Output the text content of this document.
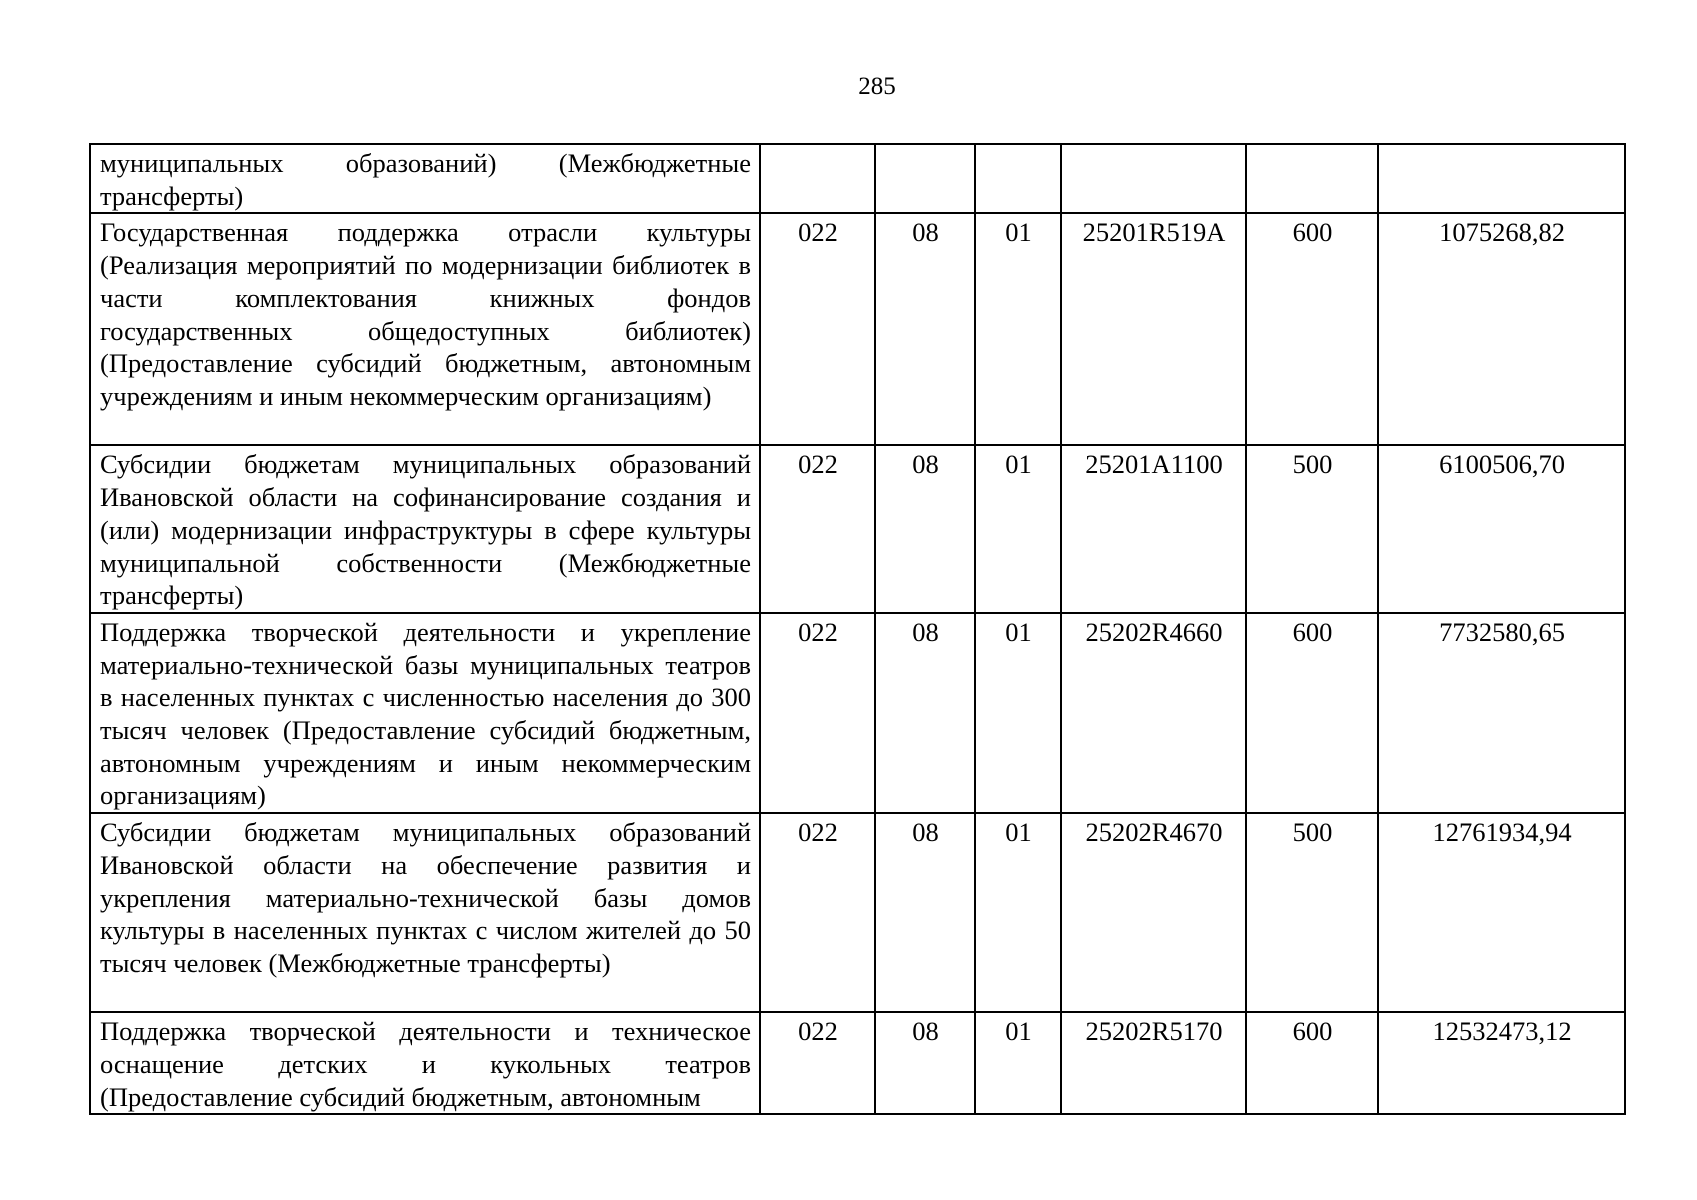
285
муниципальных образований) (Межбюджетные трансферты)						
Государственная поддержка отрасли культуры (Реализация мероприятий по модернизации библиотек в части комплектования книжных фондов государственных общедоступных библиотек) (Предоставление субсидий бюджетным, автономным учреждениям и иным некоммерческим организациям)	022	08	01	25201R519A	600	1075268,82
Субсидии бюджетам муниципальных образований Ивановской области на софинансирование создания и (или) модернизации инфраструктуры в сфере культуры муниципальной собственности (Межбюджетные трансферты)	022	08	01	25201A1100	500	6100506,70
Поддержка творческой деятельности и укрепление материально-технической базы муниципальных театров в населенных пунктах с численностью населения до 300 тысяч человек (Предоставление субсидий бюджетным, автономным учреждениям и иным некоммерческим организациям)	022	08	01	25202R4660	600	7732580,65
Субсидии бюджетам муниципальных образований Ивановской области на обеспечение развития и укрепления материально-технической базы домов культуры в населенных пунктах с числом жителей до 50 тысяч человек (Межбюджетные трансферты)	022	08	01	25202R4670	500	12761934,94
Поддержка творческой деятельности и техническое оснащение детских и кукольных театров (Предоставление субсидий бюджетным, автономным	022	08	01	25202R5170	600	12532473,12
